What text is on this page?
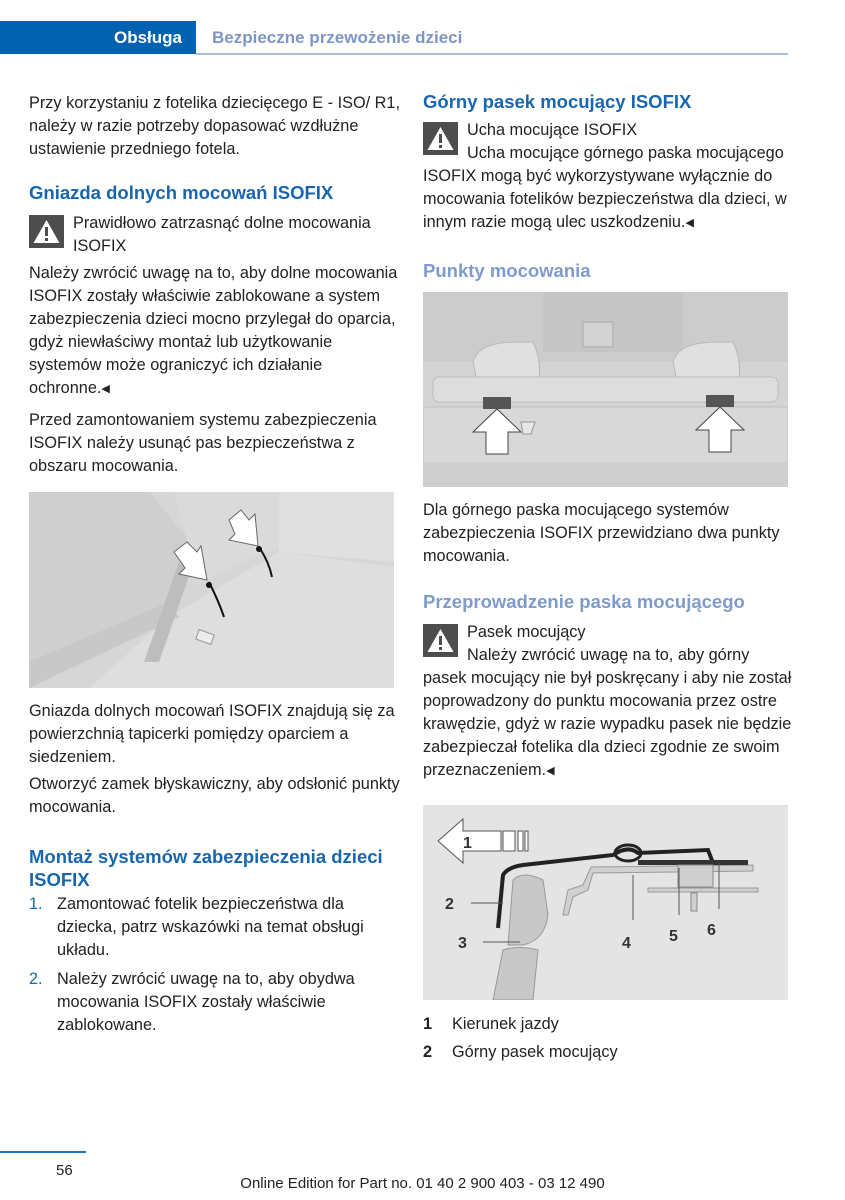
Obsługa	Bezpieczne przewożenie dzieci

Przy korzystaniu z fotelika dziecięcego E - ISO/ R1, należy w razie potrzeby dopasować wzdłużne ustawienie przedniego fotela.

Gniazda dolnych mocowań ISOFIX
Prawidłowo zatrzasnąć dolne mocowania ISOFIX

Należy zwrócić uwagę na to, aby dolne mocowania ISOFIX zostały właściwie zablokowane a system zabezpieczenia dzieci mocno przylegał do oparcia, gdyż niewłaściwy montaż lub użytkowanie systemów może ograniczyć ich działanie ochronne.◀

Przed zamontowaniem systemu zabezpieczenia ISOFIX należy usunąć pas bezpieczeństwa z obszaru mocowania.

Gniazda dolnych mocowań ISOFIX znajdują się za powierzchnią tapicerki pomiędzy oparciem a siedzeniem.

Otworzyć zamek błyskawiczny, aby odsłonić punkty mocowania.

Montaż systemów zabezpieczenia dzieci ISOFIX
1. Zamontować fotelik bezpieczeństwa dla dziecka, patrz wskazówki na temat obsługi układu.
2. Należy zwrócić uwagę na to, aby obydwa mocowania ISOFIX zostały właściwie zablokowane.
Górny pasek mocujący ISOFIX
Ucha mocujące ISOFIX
Ucha mocujące górnego paska mocującego ISOFIX mogą być wykorzystywane wyłącznie do mocowania fotelików bezpieczeństwa dla dzieci, w innym razie mogą ulec uszkodzeniu.◀
Punkty mocowania

Dla górnego paska mocującego systemów zabezpieczenia ISOFIX przewidziano dwa punkty mocowania.

Przeprowadzenie paska mocującego
Pasek mocujący
Należy zwrócić uwagę na to, aby górny pasek mocujący nie był poskręcany i aby nie został poprowadzony do punktu mocowania przez ostre krawędzie, gdyż w razie wypadku pasek nie będzie zabezpieczał fotelika dla dzieci zgodnie ze swoim przeznaczeniem.◀
1
2
3	4 5 6
1 Kierunek jazdy
2 Górny pasek mocujący
56
Online Edition for Part no. 01 40 2 900 403 - 03 12 490
